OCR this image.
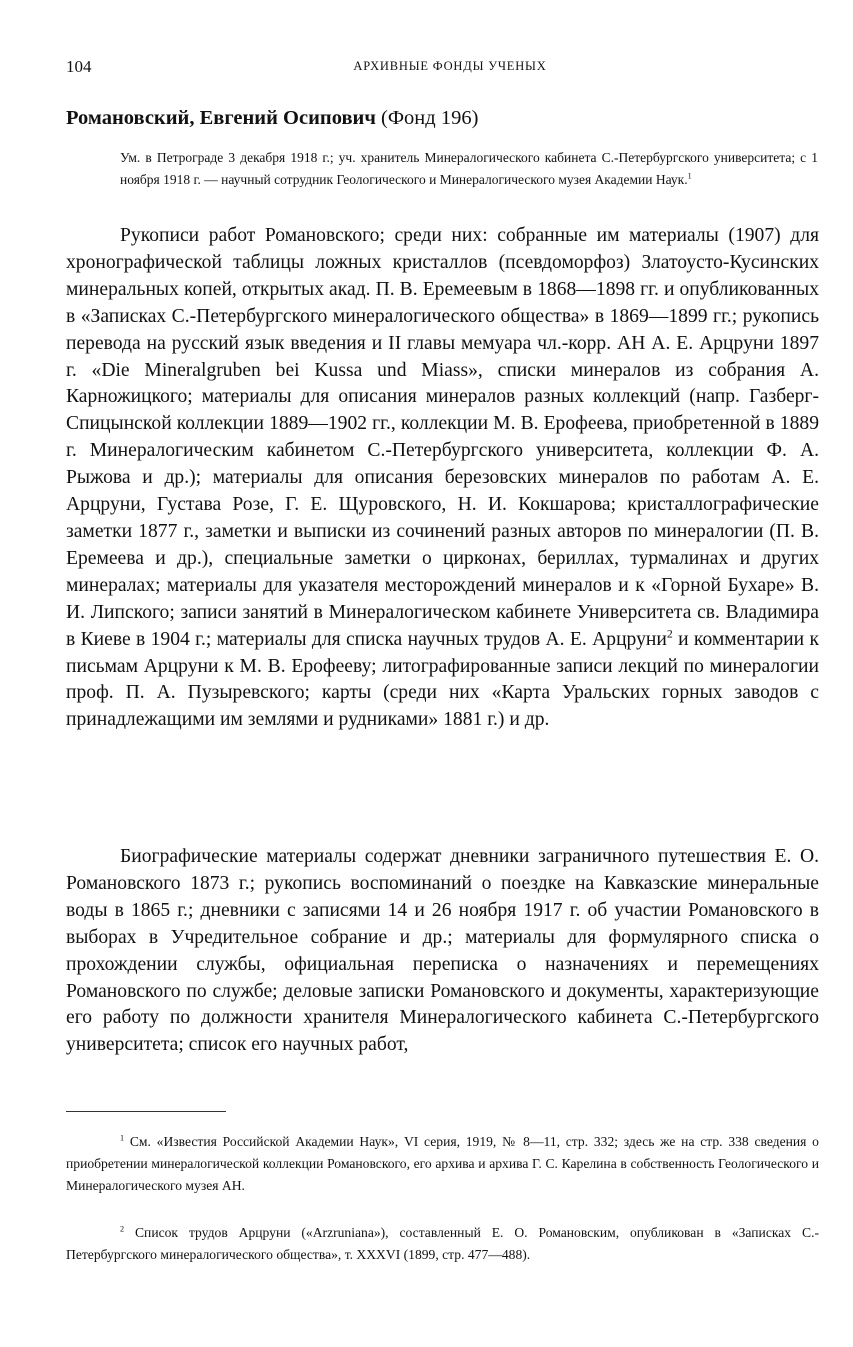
104	АРХИВНЫЕ ФОНДЫ УЧЕНЫХ
Романовский, Евгений Осипович (Фонд 196)
Ум. в Петрограде 3 декабря 1918 г.; уч. хранитель Минералогического кабинета С.-Петербургского университета; с 1 ноября 1918 г. — научный сотрудник Геологического и Минералогического музея Академии Наук.$^1$

Рукописи работ Романовского; среди них: собранные им материалы (1907) для хронографической таблицы ложных кристаллов (псевдоморфоз) Златоусто-Кусинских минеральных копей, открытых акад. П. В. Еремеевым в 1868—1898 гг. и опубликованных в «Записках С.-Петербургского минералогического общества» в 1869—1899 гг.; рукопись перевода на русский язык введения и II главы мемуара чл.-корр. АН А. Е. Арцруни 1897 г. «Die Mineralgruben bei Kussa und Miass», списки минералов из собрания А. Карножицкого; материалы для описания минералов разных коллекций (напр. Газберг-Спицынской коллекции 1889—1902 гг., коллекции М. В. Ерофеева, приобретенной в 1889 г. Минералогическим кабинетом С.-Петербургского университета, коллекции Ф. А. Рыжова и др.); материалы для описания березовских минералов по работам А. Е. Арцруни, Густава Розе, Г. Е. Щуровского, Н. И. Кокшарова; кристаллографические заметки 1877 г., заметки и выписки из сочинений разных авторов по минералогии (П. В. Еремеева и др.), специальные заметки о цирконах, бериллах, турмалинах и других минералах; материалы для указателя месторождений минералов и к «Горной Бухаре» В. И. Липского; записи занятий в Минералогическом кабинете Университета св. Владимира в Киеве в 1904 г.; материалы для списка научных трудов А. Е. Арцруни$^2$ и комментарии к письмам Арцруни к М. В. Ерофееву; литографированные записи лекций по минералогии проф. П. А. Пузыревского; карты (среди них «Карта Уральских горных заводов с принадлежащими им землями и рудниками» 1881 г.) и др.

Биографические материалы содержат дневники заграничного путешествия Е. О. Романовского 1873 г.; рукопись воспоминаний о поездке на Кавказские минеральные воды в 1865 г.; дневники с записями 14 и 26 ноября 1917 г. об участии Романовского в выборах в Учредительное собрание и др.; материалы для формулярного списка о прохождении службы, официальная переписка о назначениях и перемещениях Романовского по службе; деловые записки Романовского и документы, характеризующие его работу по должности хранителя Минералогического кабинета С.-Петербургского университета; список его научных работ,

$^1$ См. «Известия Российской Академии Наук», VI серия, 1919, № 8—11, стр. 332; здесь же на стр. 338 сведения о приобретении минералогической коллекции Романовского, его архива и архива Г. С. Карелина в собственность Геологического и Минералогического музея АН.

$^2$ Список трудов Арцруни («Arzruniana»), составленный Е. О. Романовским, опубликован в «Записках С.-Петербургского минералогического общества», т. XXXVI (1899, стр. 477—488).
